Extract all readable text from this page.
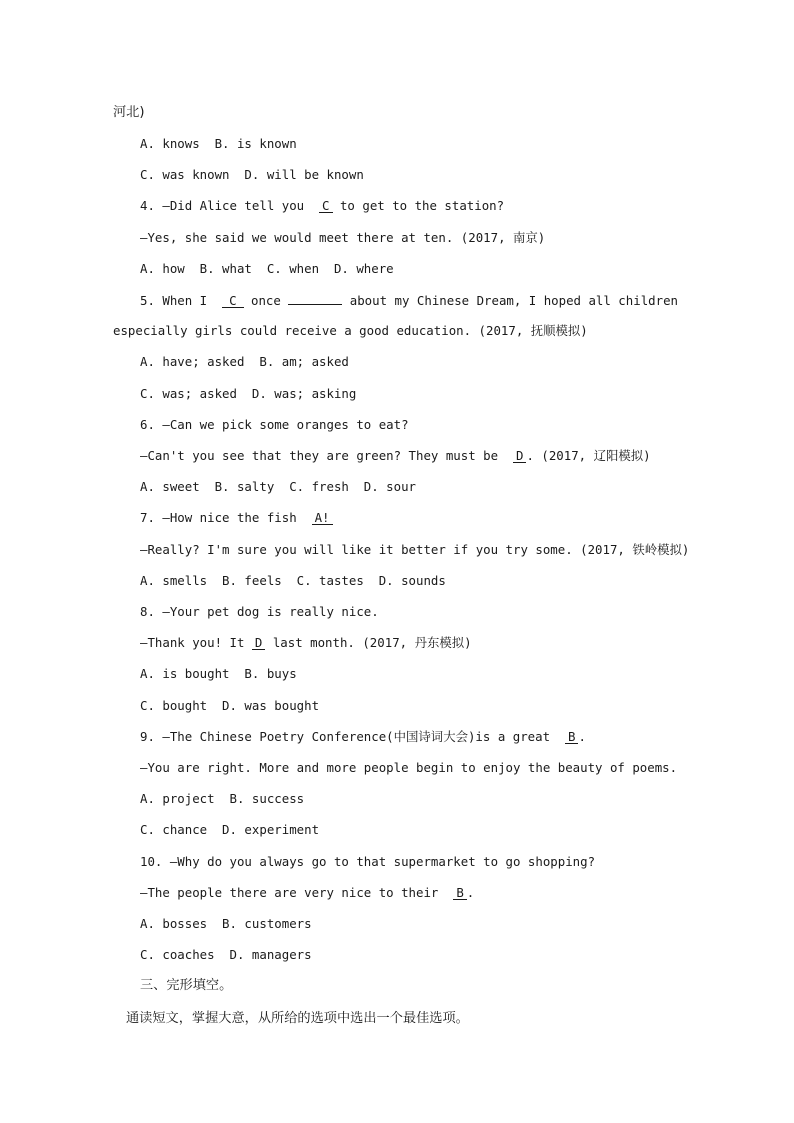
河北)
A. knows  B. is known
C. was known  D. will be known
4. —Did Alice tell you  C to get to the station?
—Yes, she said we would meet there at ten. (2017, 南京)
A. how  B. what  C. when  D. where
5. When I  C once	about my Chinese Dream, I hoped all children
especially girls could receive a good education. (2017, 抚顺模拟)
A. have; asked  B. am; asked
C. was; asked  D. was; asking
6. —Can we pick some oranges to eat?
—Can't you see that they are green? They must be  D . (2017, 辽阳模拟)
A. sweet  B. salty  C. fresh  D. sour
7. —How nice the fish  A!
—Really? I'm sure you will like it better if you try some. (2017, 铁岭模拟)
A. smells  B. feels  C. tastes  D. sounds
8. —Your pet dog is really nice.
—Thank you! It D last month. (2017, 丹东模拟)
A. is bought  B. buys
C. bought  D. was bought
9. —The Chinese Poetry Conference(中国诗词大会)is a great  B .
—You are right. More and more people begin to enjoy the beauty of poems.
A. project  B. success
C. chance  D. experiment
10. —Why do you always go to that supermarket to go shopping?
—The people there are very nice to their  B .
A. bosses  B. customers
C. coaches  D. managers
三、完形填空。
通读短文，掌握大意，从所给的选项中选出一个最佳选项。
